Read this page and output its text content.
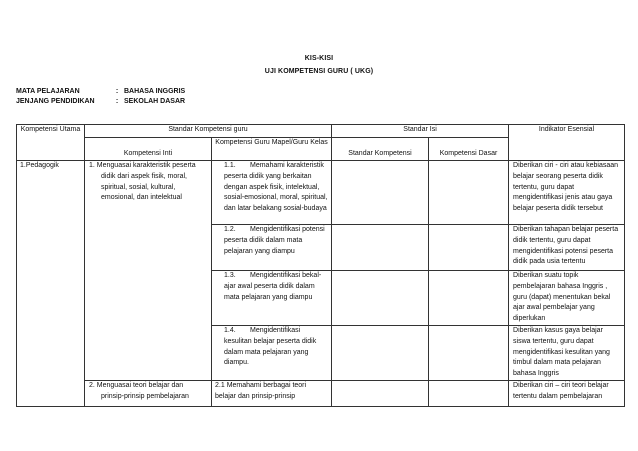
KIS-KISI
UJI KOMPETENSI GURU ( UKG)
MATA PELAJARAN	: BAHASA INGGRIS
JENJANG PENDIDIKAN	: SEKOLAH DASAR
Kompetensi Utama	Standar Kompetensi guru		Standar Isi		Indikator Esensial
	Kompetensi Inti	Kompetensi Guru Mapel/Guru Kelas	Standar Kompetensi	Kompetensi Dasar	
1.Pedagogik	1. Menguasai karakteristik peserta didik dari aspek fisik, moral, spiritual, sosial, kultural, emosional, dan intelektual	1.1. Memahami karakteristik peserta didik yang berkaitan dengan aspek fisik, intelektual, sosial-emosional, moral, spiritual, dan latar belakang sosial-budaya			Diberikan ciri - ciri atau kebiasaan belajar seorang peserta didik tertentu, guru dapat mengidentifikasi jenis atau gaya belajar peserta didik tersebut
		1.2. Mengidentifikasi potensi peserta didik dalam mata pelajaran yang diampu			Diberikan tahapan belajar peserta didik tertentu, guru dapat mengidentifikasi potensi peserta didik pada usia tertentu
		1.3. Mengidentifikasi bekal-ajar awal peserta didik dalam mata pelajaran yang diampu			Diberikan suatu topik pembelajaran bahasa Inggris , guru (dapat) menentukan bekal ajar awal pembelajar yang diperlukan
		1.4. Mengidentifikasi kesulitan belajar peserta didik dalam mata pelajaran yang diampu.			Diberikan kasus gaya belajar siswa tertentu, guru dapat mengidentifikasi kesulitan yang timbul dalam mata pelajaran bahasa Inggris
	2. Menguasai teori belajar dan prinsip-prinsip pembelajaran	2.1 Memahami berbagai teori belajar dan prinsip-prinsip			Diberikan ciri – ciri teori belajar tertentu dalam pembelajaran
